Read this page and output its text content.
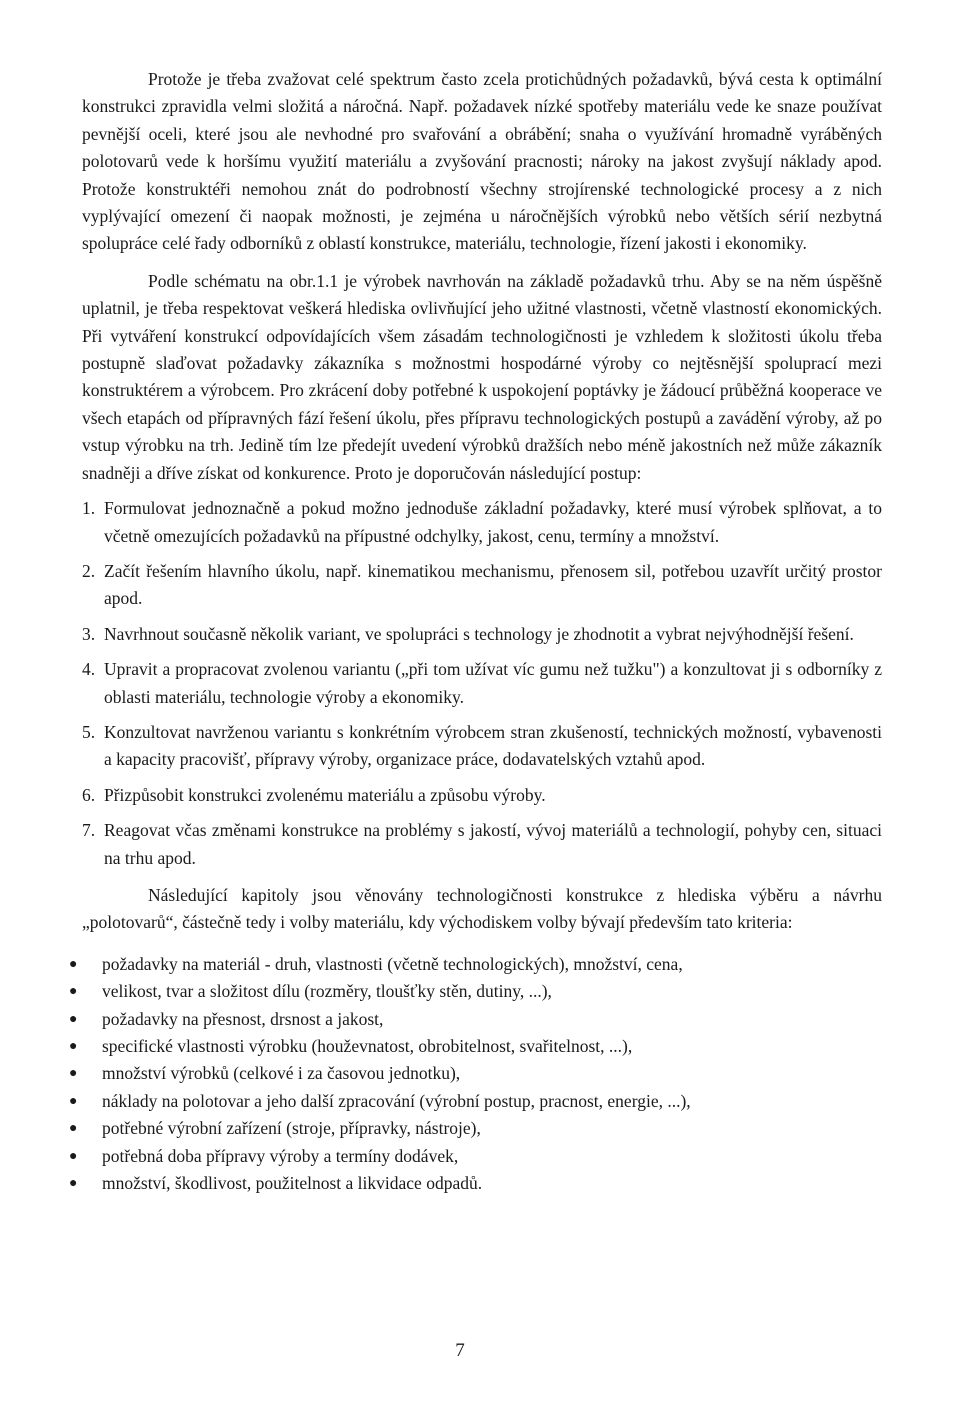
Protože je třeba zvažovat celé spektrum často zcela protichůdných požadavků, bývá cesta k optimální konstrukci zpravidla velmi složitá a náročná. Např. požadavek nízké spotřeby materiálu vede ke snaze používat pevnější oceli, které jsou ale nevhodné pro svařování a obrábění; snaha o využívání hromadně vyráběných polotovarů vede k horšímu využití materiálu a zvyšování pracnosti; nároky na jakost zvyšují náklady apod. Protože konstruktéři nemohou znát do podrobností všechny strojírenské technologické procesy a z nich vyplývající omezení či naopak možnosti, je zejména u náročnějších výrobků nebo větších sérií nezbytná spolupráce celé řady odborníků z oblastí konstrukce, materiálu, technologie, řízení jakosti i ekonomiky.

Podle schématu na obr.1.1 je výrobek navrhován na základě požadavků trhu. Aby se na něm úspěšně uplatnil, je třeba respektovat veškerá hlediska ovlivňující jeho užitné vlastnosti, včetně vlastností ekonomických. Při vytváření konstrukcí odpovídajících všem zásadám technologičnosti je vzhledem k složitosti úkolu třeba postupně slaďovat požadavky zákazníka s možnostmi hospodárné výroby co nejtěsnější spoluprací mezi konstruktérem a výrobcem. Pro zkrácení doby potřebné k uspokojení poptávky je žádoucí průběžná kooperace ve všech etapách od přípravných fází řešení úkolu, přes přípravu technologických postupů a zavádění výroby, až po vstup výrobku na trh. Jedině tím lze předejít uvedení výrobků dražších nebo méně jakostních než může zákazník snadněji a dříve získat od konkurence. Proto je doporučován následující postup:

1. Formulovat jednoznačně a pokud možno jednoduše základní požadavky, které musí výrobek splňovat, a to včetně omezujících požadavků na přípustné odchylky, jakost, cenu, termíny a množství.
2. Začít řešením hlavního úkolu, např. kinematikou mechanismu, přenosem sil, potřebou uzavřít určitý prostor apod.
3. Navrhnout současně několik variant, ve spolupráci s technology je zhodnotit a vybrat nejvýhodnější řešení.
4. Upravit a propracovat zvolenou variantu („při tom užívat víc gumu než tužku") a konzultovat ji s odborníky z oblasti materiálu, technologie výroby a ekonomiky.
5. Konzultovat navrženou variantu s konkrétním výrobcem stran zkušeností, technických možností, vybavenosti a kapacity pracovišť, přípravy výroby, organizace práce, dodavatelských vztahů apod.
6. Přizpůsobit konstrukci zvolenému materiálu a způsobu výroby.
7. Reagovat včas změnami konstrukce na problémy s jakostí, vývoj materiálů a technologií, pohyby cen, situaci na trhu apod.

Následující kapitoly jsou věnovány technologičnosti konstrukce z hlediska výběru a návrhu „polotovarů“, částečně tedy i volby materiálu, kdy východiskem volby bývají především tato kriteria:

● požadavky na materiál - druh, vlastnosti (včetně technologických), množství, cena,
● velikost, tvar a složitost dílu (rozměry, tloušťky stěn, dutiny, ...),
● požadavky na přesnost, drsnost a jakost,
● specifické vlastnosti výrobku (houževnatost, obrobitelnost, svařitelnost, ...),
● množství výrobků (celkové i za časovou jednotku),
● náklady na polotovar a jeho další zpracování (výrobní postup, pracnost, energie, ...),
● potřebné výrobní zařízení (stroje, přípravky, nástroje),
● potřebná doba přípravy výroby a termíny dodávek,
● množství, škodlivost, použitelnost a likvidace odpadů.
7
